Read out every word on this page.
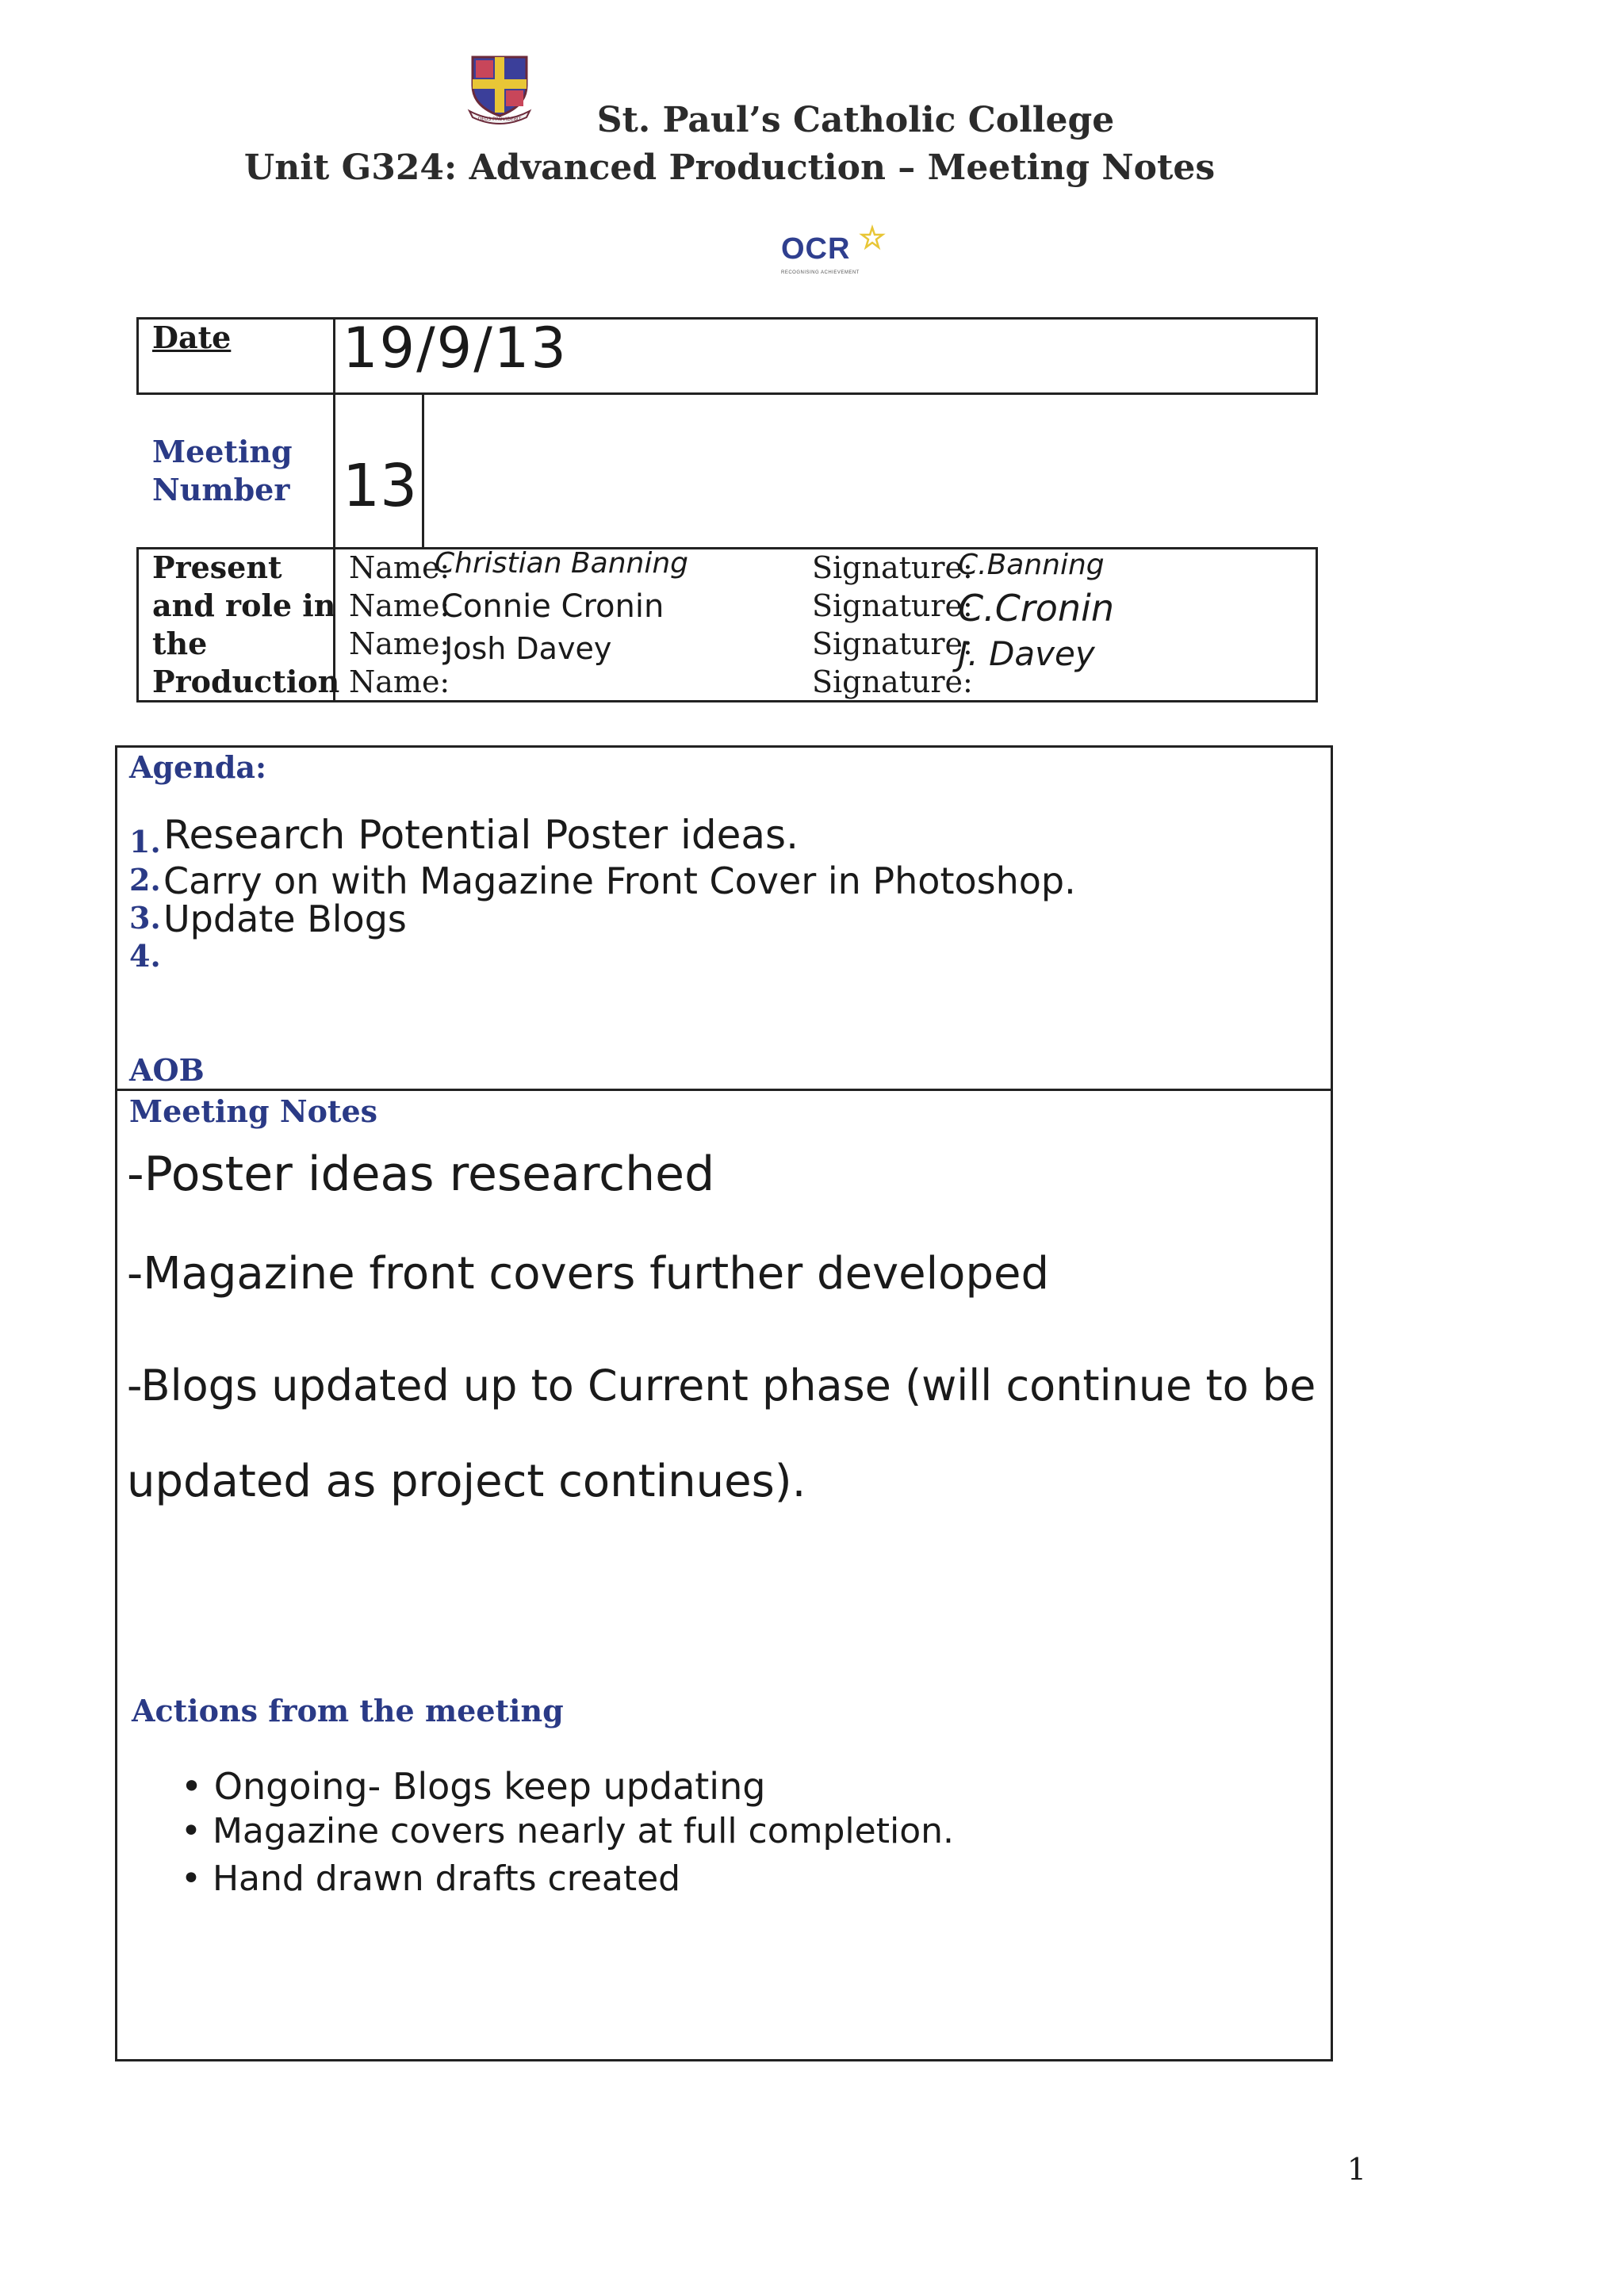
DEUS PROVIDEBIT	St. Paul’s Catholic College
Unit G324: Advanced Production – Meeting Notes
OCR
RECOGNISING ACHIEVEMENT
Date 19/9/13
Meeting
Number 13
Present
and role in
the
Production
Name:
Name:
Name:
Name:
Christian Banning
Connie Cronin
Josh Davey
Signature:
Signature:
Signature:
Signature:
C.Banning
C.Cronin
J. Davey
Agenda:
1.
2.
3.
4.
Research Potential Poster ideas.
Carry on with Magazine Front Cover in Photoshop.
Update Blogs
AOB
Meeting Notes
-Poster ideas researched
-Magazine front covers further developed
-Blogs updated up to Current phase (will continue to be
updated as project continues).
Actions from the meeting
• Ongoing- Blogs keep updating
• Magazine covers nearly at full completion.
• Hand drawn drafts created
1
